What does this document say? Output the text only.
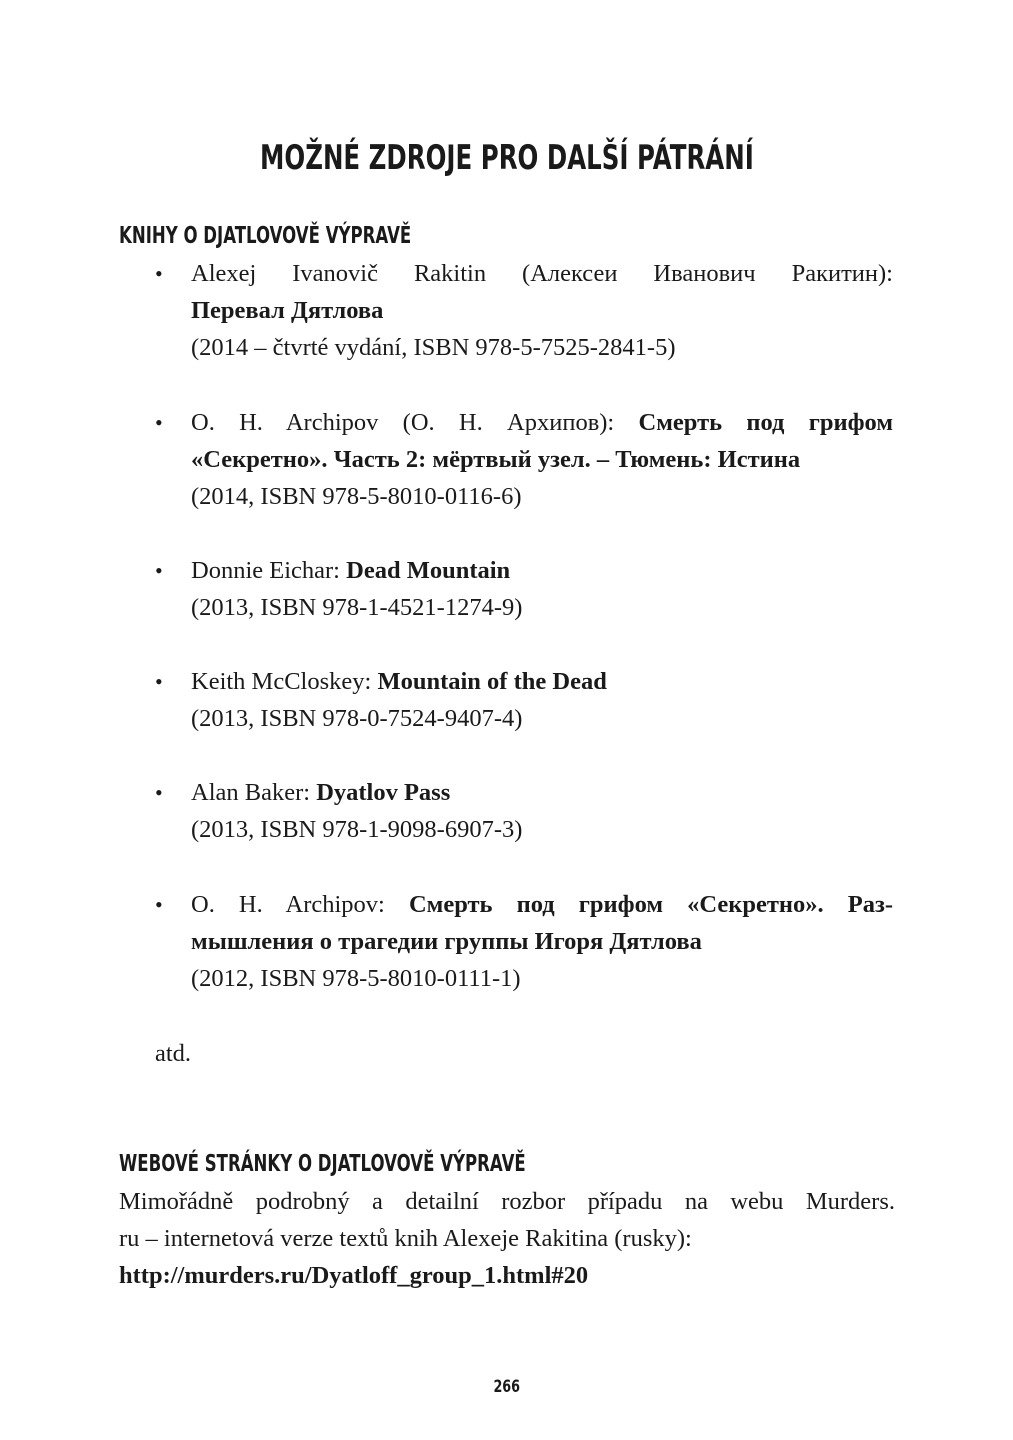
MOŽNÉ ZDROJE PRO DALŠÍ PÁTRÁNÍ
KNIHY O DJATLOVOVĚ VÝPRAVĚ
• Alexej Ivanovič Rakitin (Алексеи Иванович Ракитин):
Перевал Дятлова
(2014 – čtvrté vydání, ISBN 978-5-7525-2841-5)
• O. H. Archipov (O. H. Архипов): Смерть под грифом
«Секретно». Часть 2: мёртвый узел. – Тюмень: Истина
(2014, ISBN 978-5-8010-0116-6)
• Donnie Eichar: Dead Mountain
(2013, ISBN 978-1-4521-1274-9)
• Keith McCloskey: Mountain of the Dead
(2013, ISBN 978-0-7524-9407-4)
• Alan Baker: Dyatlov Pass
(2013, ISBN 978-1-9098-6907-3)
• O. H. Archipov: Смерть под грифом «Секретно». Раз-
мышления о трагедии группы Игоря Дятлова
(2012, ISBN 978-5-8010-0111-1)
atd.
WEBOVÉ STRÁNKY O DJATLOVOVĚ VÝPRAVĚ
Mimořádně podrobný a detailní rozbor případu na webu Murders.
ru – internetová verze textů knih Alexeje Rakitina (rusky):
http://murders.ru/Dyatloff_group_1.html#20
266
